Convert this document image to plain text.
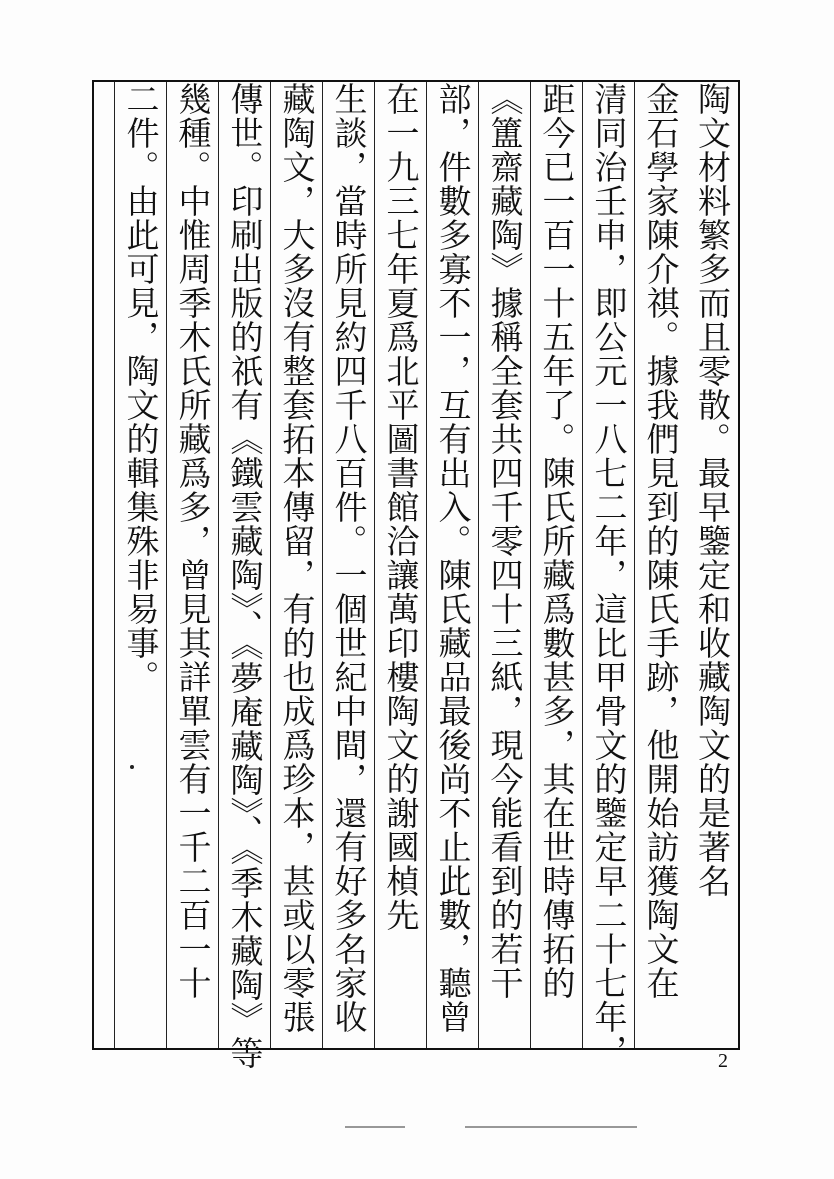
陶文材料繁多而且零散。最早鑒定和收藏陶文的是著名
金石學家陳介祺。據我們見到的陳氏手跡，他開始訪獲陶文在
清同治壬申，即公元一八七二年，這比甲骨文的鑒定早二十七年，
距今已一百一十五年了。陳氏所藏爲數甚多，其在世時傳拓的
《簠齋藏陶》據稱全套共四千零四十三紙，現今能看到的若干
部，件數多寡不一，互有出入。陳氏藏品最後尚不止此數，聽曾
在一九三七年夏爲北平圖書館洽讓萬印樓陶文的謝國楨先
生談，當時所見約四千八百件。一個世紀中間，還有好多名家收
藏陶文，大多沒有整套拓本傳留，有的也成爲珍本，甚或以零張
傳世。印刷出版的祇有《鐵雲藏陶》、《夢庵藏陶》、《季木藏陶》等
幾種。中惟周季木氏所藏爲多，曾見其詳單雲有一千二百一十
二件。由此可見，陶文的輯集殊非易事。
2
